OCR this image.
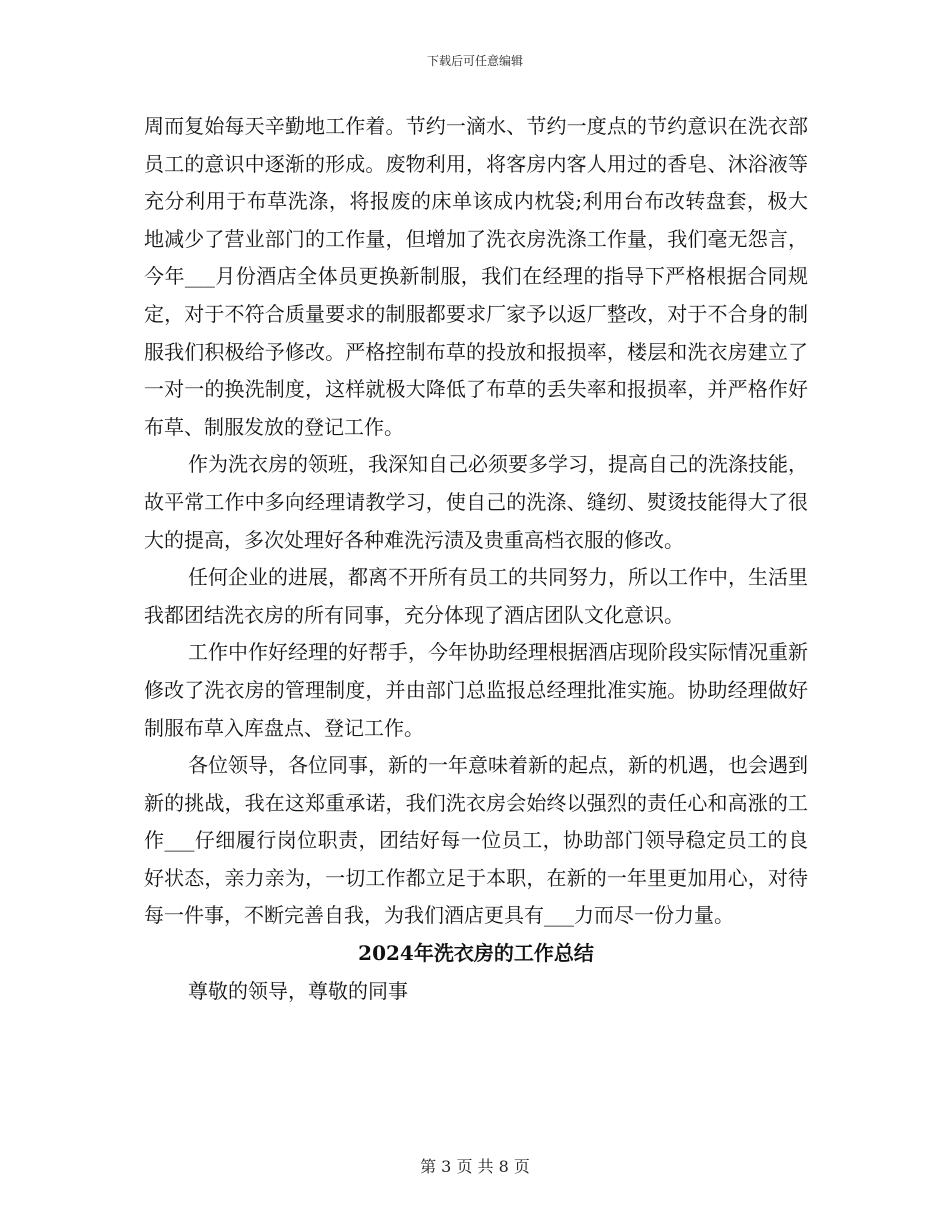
下载后可任意编辑

周而复始每天辛勤地工作着。节约一滴水、节约一度点的节约意识在洗衣部员工的意识中逐渐的形成。废物利用，将客房内客人用过的香皂、沐浴液等充分利用于布草洗涤，将报废的床单该成内枕袋;利用台布改转盘套，极大地减少了营业部门的工作量，但增加了洗衣房洗涤工作量，我们毫无怨言，今年___月份酒店全体员更换新制服，我们在经理的指导下严格根据合同规定，对于不符合质量要求的制服都要求厂家予以返厂整改，对于不合身的制服我们积极给予修改。严格控制布草的投放和报损率，楼层和洗衣房建立了一对一的换洗制度，这样就极大降低了布草的丢失率和报损率，并严格作好布草、制服发放的登记工作。

作为洗衣房的领班，我深知自己必须要多学习，提高自己的洗涤技能，故平常工作中多向经理请教学习，使自己的洗涤、缝纫、熨烫技能得大了很大的提高，多次处理好各种难洗污渍及贵重高档衣服的修改。

任何企业的进展，都离不开所有员工的共同努力，所以工作中，生活里我都团结洗衣房的所有同事，充分体现了酒店团队文化意识。

工作中作好经理的好帮手，今年协助经理根据酒店现阶段实际情况重新修改了洗衣房的管理制度，并由部门总监报总经理批准实施。协助经理做好制服布草入库盘点、登记工作。

各位领导，各位同事，新的一年意味着新的起点，新的机遇，也会遇到新的挑战，我在这郑重承诺，我们洗衣房会始终以强烈的责任心和高涨的工作___仔细履行岗位职责，团结好每一位员工，协助部门领导稳定员工的良好状态，亲力亲为，一切工作都立足于本职，在新的一年里更加用心，对待每一件事，不断完善自我，为我们酒店更具有___力而尽一份力量。

2024年洗衣房的工作总结

尊敬的领导，尊敬的同事

第 3 页 共 8 页
